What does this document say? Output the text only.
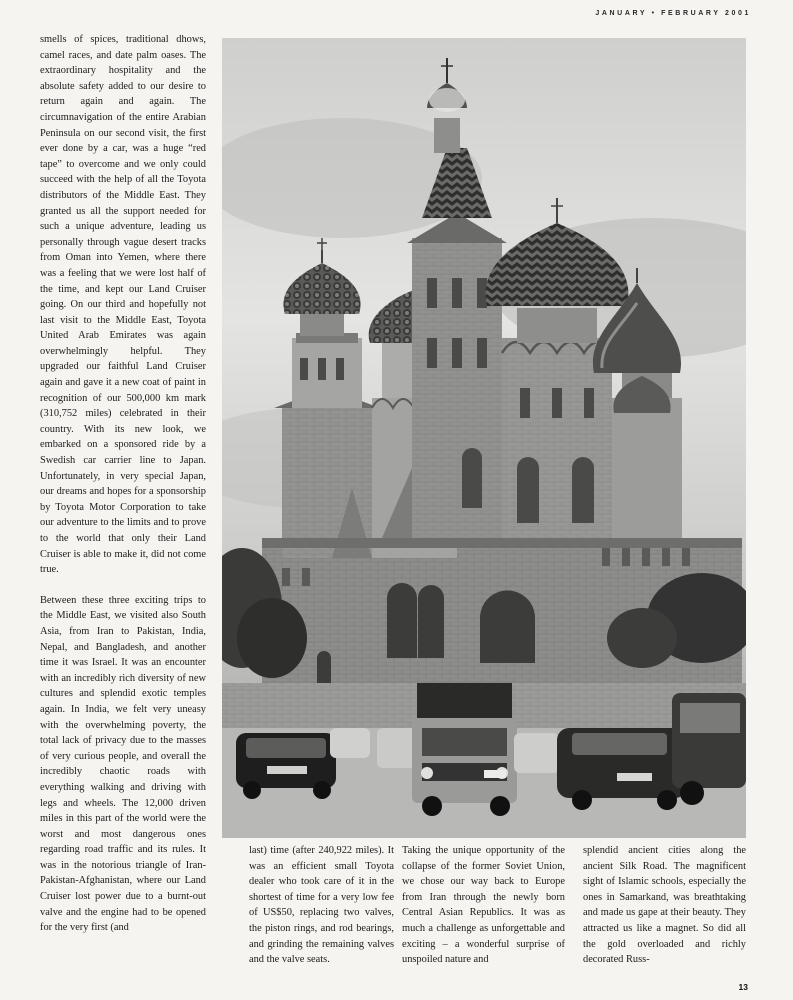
JANUARY • FEBRUARY 2001

smells of spices, traditional dhows, camel races, and date palm oases. The extraordinary hospitality and the absolute safety added to our desire to return again and again. The circumnavigation of the entire Arabian Peninsula on our second visit, the first ever done by a car, was a huge “red tape” to overcome and we only could succeed with the help of all the Toyota distributors of the Middle East. They granted us all the support needed for such a unique adventure, leading us personally through vague desert tracks from Oman into Yemen, where there was a feeling that we were lost half of the time, and kept our Land Cruiser going. On our third and hopefully not last visit to the Middle East, Toyota United Arab Emirates was again overwhelmingly helpful. They upgraded our faithful Land Cruiser again and gave it a new coat of paint in recognition of our 500,000 km mark (310,752 miles) celebrated in their country. With its new look, we embarked on a sponsored ride by a Swedish car carrier line to Japan. Unfortunately, in very special Japan, our dreams and hopes for a sponsorship by Toyota Motor Corporation to take our adventure to the limits and to prove to the world that only their Land Cruiser is able to make it, did not come true.

Between these three exciting trips to the Middle East, we visited also South Asia, from Iran to Pakistan, India, Nepal, and Bangladesh, and another time it was Israel. It was an encounter with an incredibly rich diversity of new cultures and splendid exotic temples again. In India, we felt very uneasy with the overwhelming poverty, the total lack of privacy due to the masses of very curious people, and overall the incredibly chaotic roads with everything walking and driving with legs and wheels. The 12,000 driven miles in this part of the world were the worst and most dangerous ones regarding road traffic and its rules. It was in the notorious triangle of Iran-Pakistan-Afghanistan, where our Land Cruiser lost power due to a burnt-out valve and the engine had to be opened for the very first (and

last) time (after 240,922 miles). It was an efficient small Toyota dealer who took care of it in the shortest of time for a very low fee of US$50, replacing two valves, the piston rings, and rod bearings, and grinding the remaining valves and the valve seats.

Taking the unique opportunity of the collapse of the former Soviet Union, we chose our way back to Europe from Iran through the newly born Central Asian Republics. It was as much a challenge as unforgettable and exciting – a wonderful surprise of unspoiled nature and

splendid ancient cities along the ancient Silk Road. The magnificent sight of Islamic schools, especially the ones in Samarkand, was breathtaking and made us gape at their beauty. They attracted us like a magnet. So did all the gold overloaded and richly decorated Russ-

13
